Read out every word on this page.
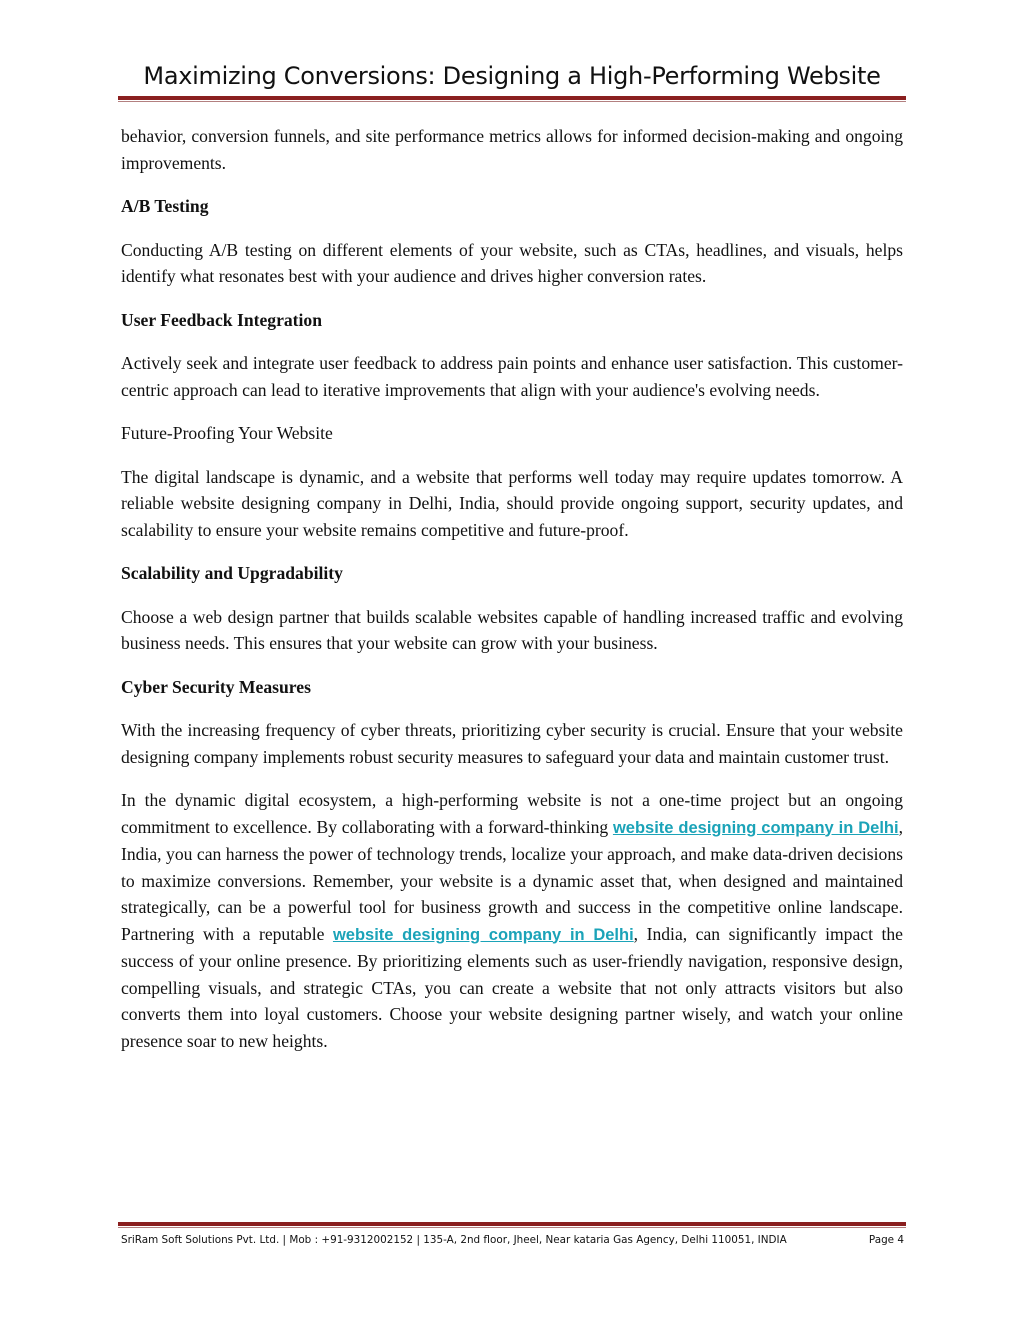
Maximizing Conversions: Designing a High-Performing Website

behavior, conversion funnels, and site performance metrics allows for informed decision-making and ongoing improvements.

A/B Testing

Conducting A/B testing on different elements of your website, such as CTAs, headlines, and visuals, helps identify what resonates best with your audience and drives higher conversion rates.

User Feedback Integration

Actively seek and integrate user feedback to address pain points and enhance user satisfaction. This customer-centric approach can lead to iterative improvements that align with your audience's evolving needs.

Future-Proofing Your Website

The digital landscape is dynamic, and a website that performs well today may require updates tomorrow. A reliable website designing company in Delhi, India, should provide ongoing support, security updates, and scalability to ensure your website remains competitive and future-proof.

Scalability and Upgradability

Choose a web design partner that builds scalable websites capable of handling increased traffic and evolving business needs. This ensures that your website can grow with your business.

Cyber Security Measures

With the increasing frequency of cyber threats, prioritizing cyber security is crucial. Ensure that your website designing company implements robust security measures to safeguard your data and maintain customer trust.

In the dynamic digital ecosystem, a high-performing website is not a one-time project but an ongoing commitment to excellence. By collaborating with a forward-thinking website designing company in Delhi, India, you can harness the power of technology trends, localize your approach, and make data-driven decisions to maximize conversions. Remember, your website is a dynamic asset that, when designed and maintained strategically, can be a powerful tool for business growth and success in the competitive online landscape. Partnering with a reputable website designing company in Delhi, India, can significantly impact the success of your online presence. By prioritizing elements such as user-friendly navigation, responsive design, compelling visuals, and strategic CTAs, you can create a website that not only attracts visitors but also converts them into loyal customers. Choose your website designing partner wisely, and watch your online presence soar to new heights.

SriRam Soft Solutions Pvt. Ltd. | Mob : +91-9312002152 | 135-A, 2nd floor, Jheel, Near kataria Gas Agency, Delhi 110051, INDIA	Page 4
